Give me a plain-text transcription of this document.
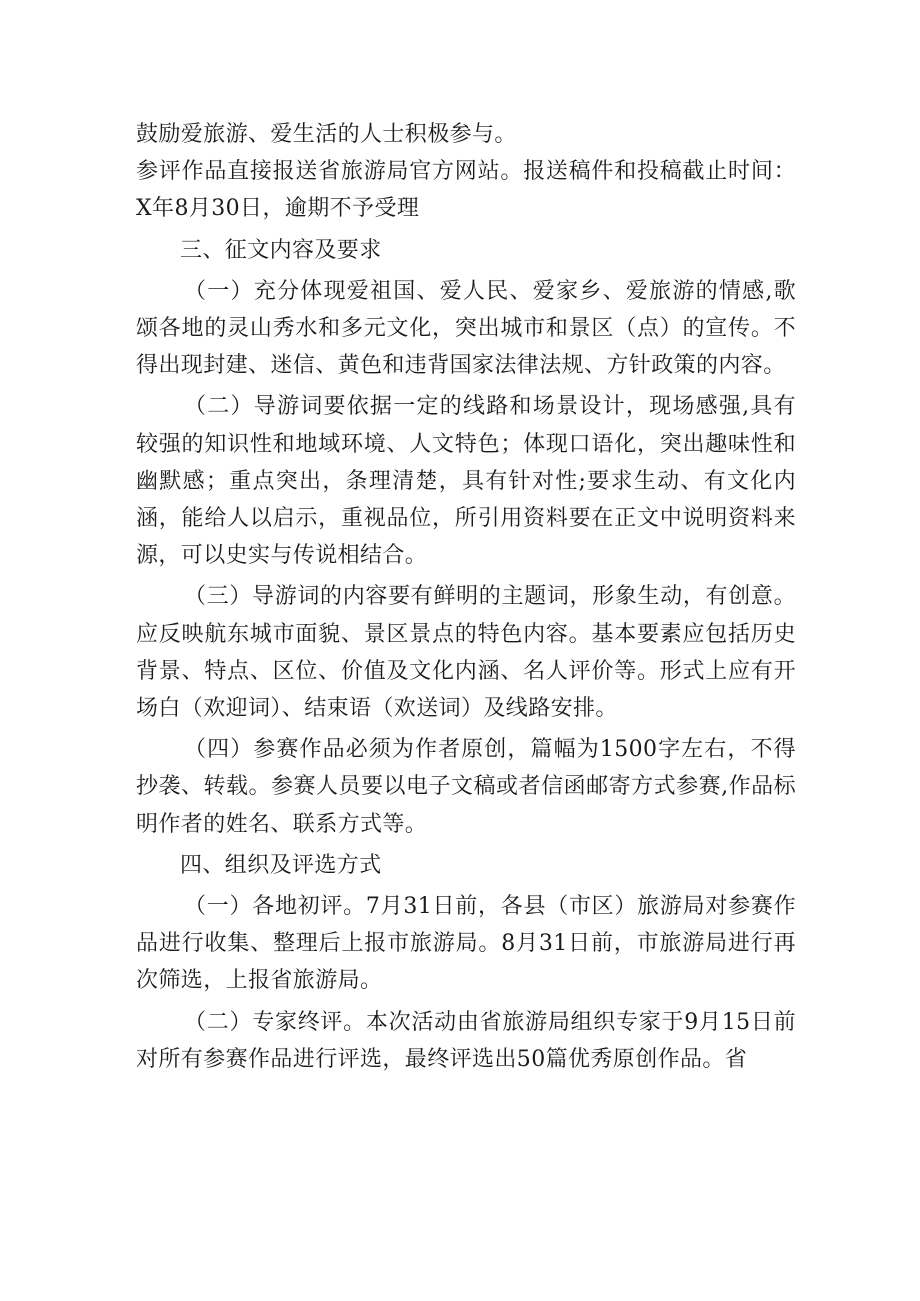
鼓励爱旅游、爱生活的人士积极参与。

参评作品直接报送省旅游局官方网站。报送稿件和投稿截止时间：X年8月30日，逾期不予受理

三、征文内容及要求

（一）充分体现爱祖国、爱人民、爱家乡、爱旅游的情感,歌颂各地的灵山秀水和多元文化，突出城市和景区（点）的宣传。不得出现封建、迷信、黄色和违背国家法律法规、方针政策的内容。

（二）导游词要依据一定的线路和场景设计，现场感强,具有较强的知识性和地域环境、人文特色；体现口语化，突出趣味性和幽默感；重点突出，条理清楚，具有针对性;要求生动、有文化内涵，能给人以启示，重视品位，所引用资料要在正文中说明资料来源，可以史实与传说相结合。

（三）导游词的内容要有鲜明的主题词，形象生动，有创意。应反映航东城市面貌、景区景点的特色内容。基本要素应包括历史背景、特点、区位、价值及文化内涵、名人评价等。形式上应有开场白（欢迎词）、结束语（欢送词）及线路安排。

（四）参赛作品必须为作者原创，篇幅为1500字左右，不得抄袭、转载。参赛人员要以电子文稿或者信函邮寄方式参赛,作品标明作者的姓名、联系方式等。

四、组织及评选方式

（一）各地初评。7月31日前，各县（市区）旅游局对参赛作品进行收集、整理后上报市旅游局。8月31日前，市旅游局进行再次筛选，上报省旅游局。

（二）专家终评。本次活动由省旅游局组织专家于9月15日前对所有参赛作品进行评选，最终评选出50篇优秀原创作品。省
